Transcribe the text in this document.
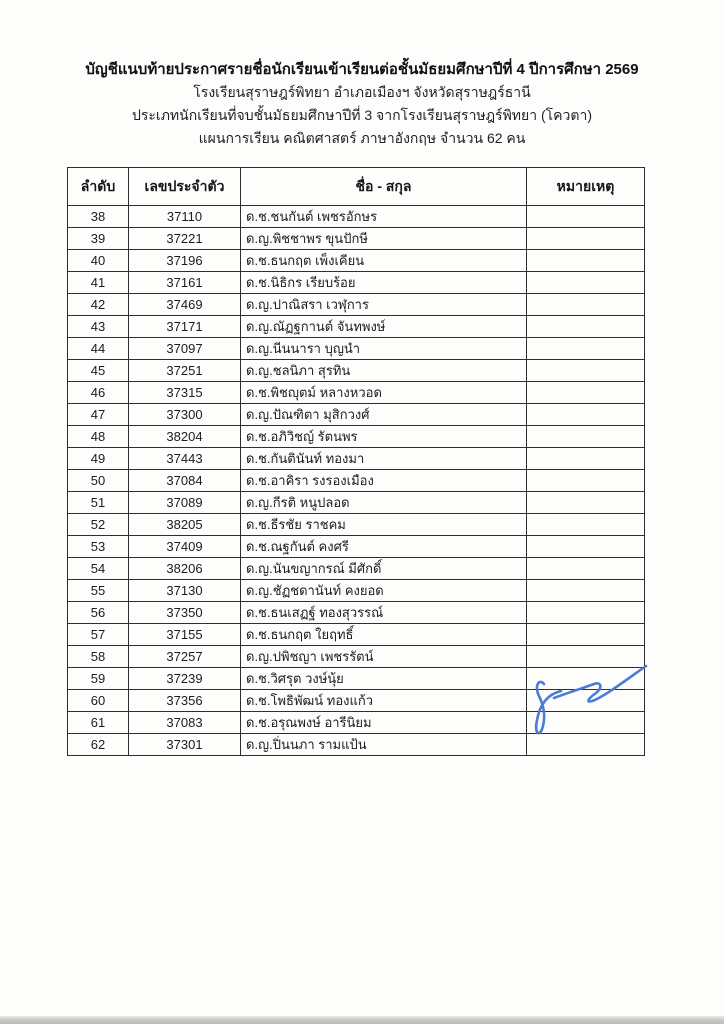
บัญชีแนบท้ายประกาศรายชื่อนักเรียนเข้าเรียนต่อชั้นมัธยมศึกษาปีที่ 4 ปีการศึกษา 2569
โรงเรียนสุราษฎร์พิทยา อำเภอเมืองฯ จังหวัดสุราษฎร์ธานี
ประเภทนักเรียนที่จบชั้นมัธยมศึกษาปีที่ 3 จากโรงเรียนสุราษฎร์พิทยา (โควตา)
แผนการเรียน คณิตศาสตร์ ภาษาอังกฤษ จำนวน 62 คน
ลำดับ	เลขประจำตัว	ชื่อ - สกุล	หมายเหตุ
38	37110	ด.ช.ชนกันต์ เพชรอักษร	
39	37221	ด.ญ.พิชชาพร ขุนปักษี	
40	37196	ด.ช.ธนกฤต เพ็งเคียน	
41	37161	ด.ช.นิธิกร เรียบร้อย	
42	37469	ด.ญ.ปาณิสรา เวฬุการ	
43	37171	ด.ญ.ณัฏฐกานต์ จันทพงษ์	
44	37097	ด.ญ.นีนนารา บุญนำ	
45	37251	ด.ญ.ชลนิภา สุรทิน	
46	37315	ด.ช.พิชญุตม์ หลางหวอด	
47	37300	ด.ญ.ปัณฑิตา มุสิกวงศ์	
48	38204	ด.ช.อภิวิชญ์ รัตนพร	
49	37443	ด.ช.กันตินันท์ ทองมา	
50	37084	ด.ช.อาคิรา รงรองเมือง	
51	37089	ด.ญ.กีรติ หนูปลอด	
52	38205	ด.ช.ธีรชัย ราชคม	
53	37409	ด.ช.ณฐกันต์ คงศรี	
54	38206	ด.ญ.นันขญากรณ์ มีศักดิ์	
55	37130	ด.ญ.ชัฏชดานันท์ คงยอด	
56	37350	ด.ช.ธนเสฏฐ์ ทองสุวรรณ์	
57	37155	ด.ช.ธนกฤต ใยฤทธิ์	
58	37257	ด.ญ.ปพิชญา เพชรรัตน์	
59	37239	ด.ช.วิศรุต วงษ์นุ้ย	
60	37356	ด.ช.โพธิพัฒน์ ทองแก้ว	
61	37083	ด.ช.อรุณพงษ์ อารีนิยม	
62	37301	ด.ญ.ปิ่นนภา รามแป้น	
